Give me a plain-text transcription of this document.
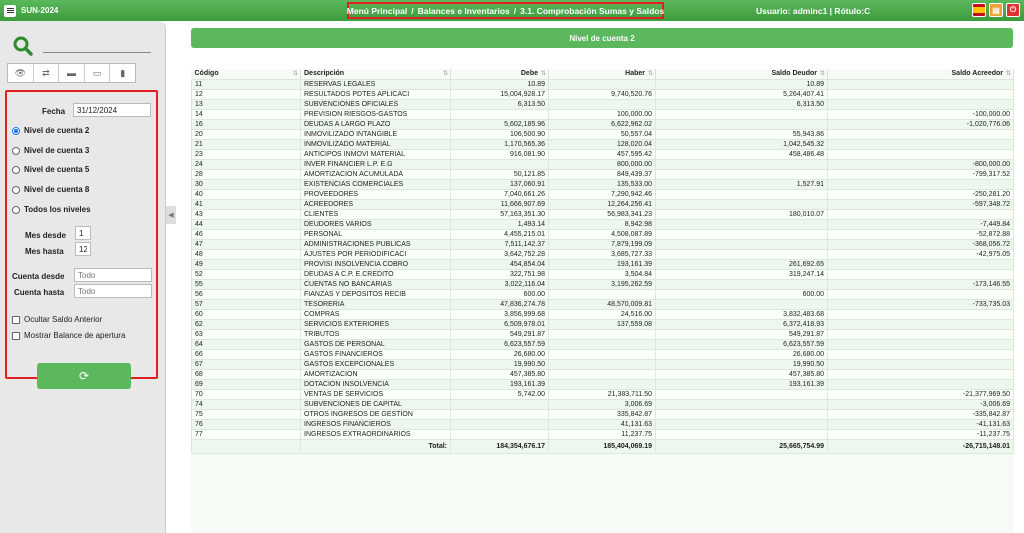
SUN-2024	Menú Principal / Balances e Inventarios / 3.1. Comprobación Sumas y Saldos	Usuario: adminc1 | Rótulo:C	▤	⏻
👁	⇄	▬	▭	▮
Fecha
31/12/2024
Nivel de cuenta 2
Nivel de cuenta 3
Nivel de cuenta 5
Nivel de cuenta 8
Todos los niveles
Mes desde
1
Mes hasta
12
Cuenta desde
Todo
Cuenta hasta
Todo
Ocultar Saldo Anterior
Mostrar Balance de apertura
⟳
◀
Nivel de cuenta 2
Código ⇅	Descripción ⇅	Debe ⇅	Haber ⇅	Saldo Deudor ⇅	Saldo Acreedor ⇅

11	RESERVAS LEGALES	10.89		10.89	
12	RESULTADOS PDTES APLICACI	15,004,928.17	9,740,520.76	5,264,407.41	
13	SUBVENCIONES OFICIALES	6,313.50		6,313.50	
14	PREVISION RIESGOS-GASTOS		100,000.00		-100,000.00
16	DEUDAS A LARGO PLAZO	5,602,185.96	6,622,962.02		-1,020,776.06
20	INMOVILIZADO INTANGIBLE	106,500.90	50,557.04	55,943.86	
21	INMOVILIZADO MATERIAL	1,170,565.36	128,020.04	1,042,545.32	
23	ANTICIPOS INMOVI MATERIAL	916,081.90	457,595.42	458,486.48	
24	INVER FINANCIER L.P. E.G		800,000.00		-800,000.00
28	AMORTIZACION ACUMULADA	50,121.85	849,439.37		-799,317.52
30	EXISTENCIAS COMERCIALES	137,060.91	135,533.00	1,527.91	
40	PROVEEDORES	7,040,661.26	7,290,942.46		-250,281.20
41	ACREEDORES	11,666,907.69	12,264,256.41		-597,348.72
43	CLIENTES	57,163,351.30	56,983,341.23	180,010.07	
44	DEUDORES VARIOS	1,493.14	8,942.98		-7,449.84
46	PERSONAL	4,455,215.01	4,508,087.89		-52,872.88
47	ADMINISTRACIONES PUBLICAS	7,511,142.37	7,879,199.09		-368,056.72
48	AJUSTES POR PERIODIFICACI	3,642,752.28	3,685,727.33		-42,975.05
49	PROVISI INSOLVENCIA COBRO	454,854.04	193,161.39	261,692.65	
52	DEUDAS A C.P. E.CREDITO	322,751.98	3,504.84	319,247.14	
55	CUENTAS NO BANCARIAS	3,022,116.04	3,195,262.59		-173,146.55
56	FIANZAS Y DEPOSITOS RECIB	600.00		600.00	
57	TESORERIA	47,836,274.78	48,570,009.81		-733,735.03
60	COMPRAS	3,856,999.68	24,516.00	3,832,483.68	
62	SERVICIOS EXTERIORES	6,509,978.01	137,559.08	6,372,418.93	
63	TRIBUTOS	549,291.87		549,291.87	
64	GASTOS DE PERSONAL	6,623,557.59		6,623,557.59	
66	GASTOS FINANCIEROS	26,680.00		26,680.00	
67	GASTOS EXCEPCIONALES	19,990.50		19,990.50	
68	AMORTIZACION	457,385.80		457,385.80	
69	DOTACION INSOLVENCIA	193,161.39		193,161.39	
70	VENTAS DE SERVICIOS	5,742.00	21,383,711.50		-21,377,969.50
74	SUBVENCIONES DE CAPITAL		3,006.69		-3,006.69
75	OTROS INGRESOS DE GESTION		335,842.87		-335,842.87
76	INGRESOS FINANCIEROS		41,131.63		-41,131.63
77	INGRESOS EXTRAORDINARIOS		11,237.75		-11,237.75
	Total:	184,354,676.17	185,404,069.19	25,665,754.99	-26,715,148.01
